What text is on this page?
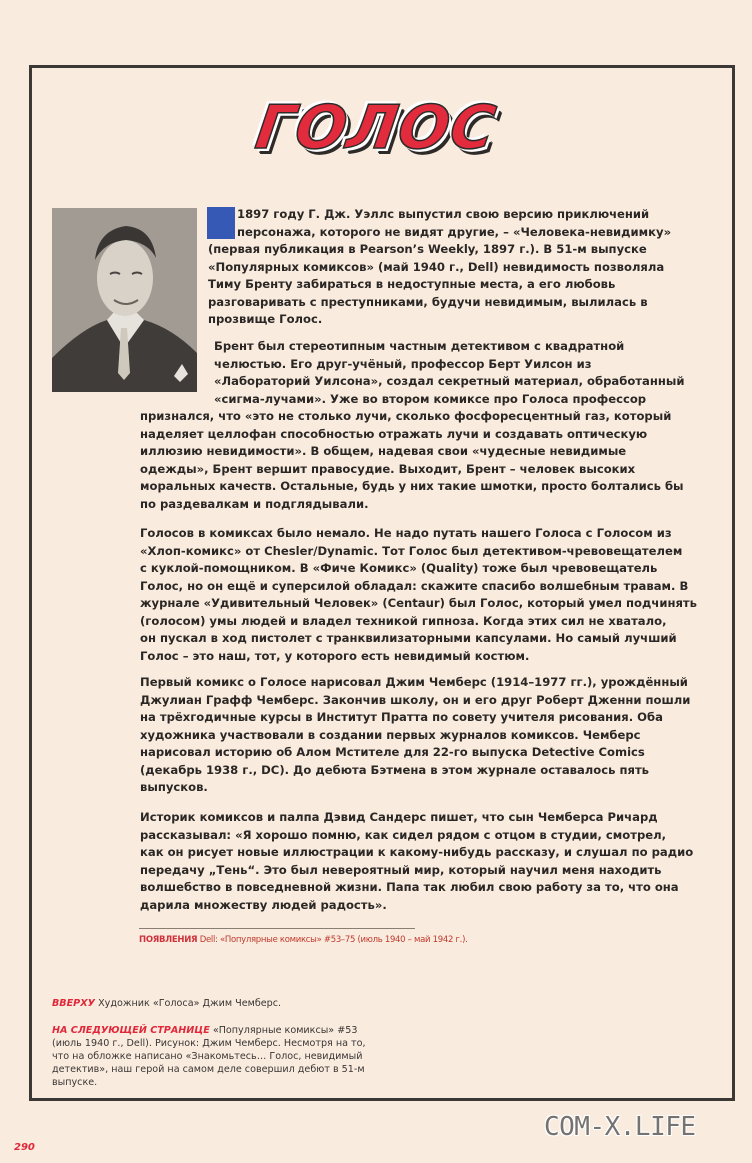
ГОЛОС
В 1897 году Г. Дж. Уэллс выпустил свою версию приключений
персонажа, которого не видят другие, – «Человека-невидимку»
(первая публикация в Pearson’s Weekly, 1897 г.). В 51-м выпуске
«Популярных комиксов» (май 1940 г., Dell) невидимость позволяла
Тиму Бренту забираться в недоступные места, а его любовь
разговаривать с преступниками, будучи невидимым, вылилась в
прозвище Голос.
Брент был стереотипным частным детективом с квадратной
челюстью. Его друг-учёный, профессор Берт Уилсон из
«Лабораторий Уилсона», создал секретный материал, обработанный
«сигма-лучами». Уже во втором комиксе про Голоса профессор
признался, что «это не столько лучи, сколько фосфоресцентный газ, который
наделяет целлофан способностью отражать лучи и создавать оптическую
иллюзию невидимости». В общем, надевая свои «чудесные невидимые
одежды», Брент вершит правосудие. Выходит, Брент – человек высоких
моральных качеств. Остальные, будь у них такие шмотки, просто болтались бы
по раздевалкам и подглядывали.
Голосов в комиксах было немало. Не надо путать нашего Голоса с Голосом из
«Хлоп-комикс» от Chesler/Dynamic. Тот Голос был детективом-чревовещателем
с куклой-помощником. В «Фиче Комикс» (Quality) тоже был чревовещатель
Голос, но он ещё и суперсилой обладал: скажите спасибо волшебным травам. В
журнале «Удивительный Человек» (Centaur) был Голос, который умел подчинять
(голосом) умы людей и владел техникой гипноза. Когда этих сил не хватало,
он пускал в ход пистолет с транквилизаторными капсулами. Но самый лучший
Голос – это наш, тот, у которого есть невидимый костюм.
Первый комикс о Голосе нарисовал Джим Чемберс (1914–1977 гг.), урождённый
Джулиан Графф Чемберс. Закончив школу, он и его друг Роберт Дженни пошли
на трёхгодичные курсы в Институт Пратта по совету учителя рисования. Оба
художника участвовали в создании первых журналов комиксов. Чемберс
нарисовал историю об Алом Мстителе для 22-го выпуска Detective Comics
(декабрь 1938 г., DC). До дебюта Бэтмена в этом журнале оставалось пять
выпусков.
Историк комиксов и палпа Дэвид Сандерс пишет, что сын Чемберса Ричард
рассказывал: «Я хорошо помню, как сидел рядом с отцом в студии, смотрел,
как он рисует новые иллюстрации к какому-нибудь рассказу, и слушал по радио
передачу „Тень“. Это был невероятный мир, который научил меня находить
волшебство в повседневной жизни. Папа так любил свою работу за то, что она
дарила множеству людей радость».
ПОЯВЛЕНИЯ Dell: «Популярные комиксы» #53–75 (июль 1940 – май 1942 г.).
ВВЕРХУ Художник «Голоса» Джим Чемберс.
НА СЛЕДУЮЩЕЙ СТРАНИЦЕ «Популярные комиксы» #53
(июль 1940 г., Dell). Рисунок: Джим Чемберс. Несмотря на то,
что на обложке написано «Знакомьтесь… Голос, невидимый
детектив», наш герой на самом деле совершил дебют в 51-м
выпуске.
290
COM-X.LIFE
